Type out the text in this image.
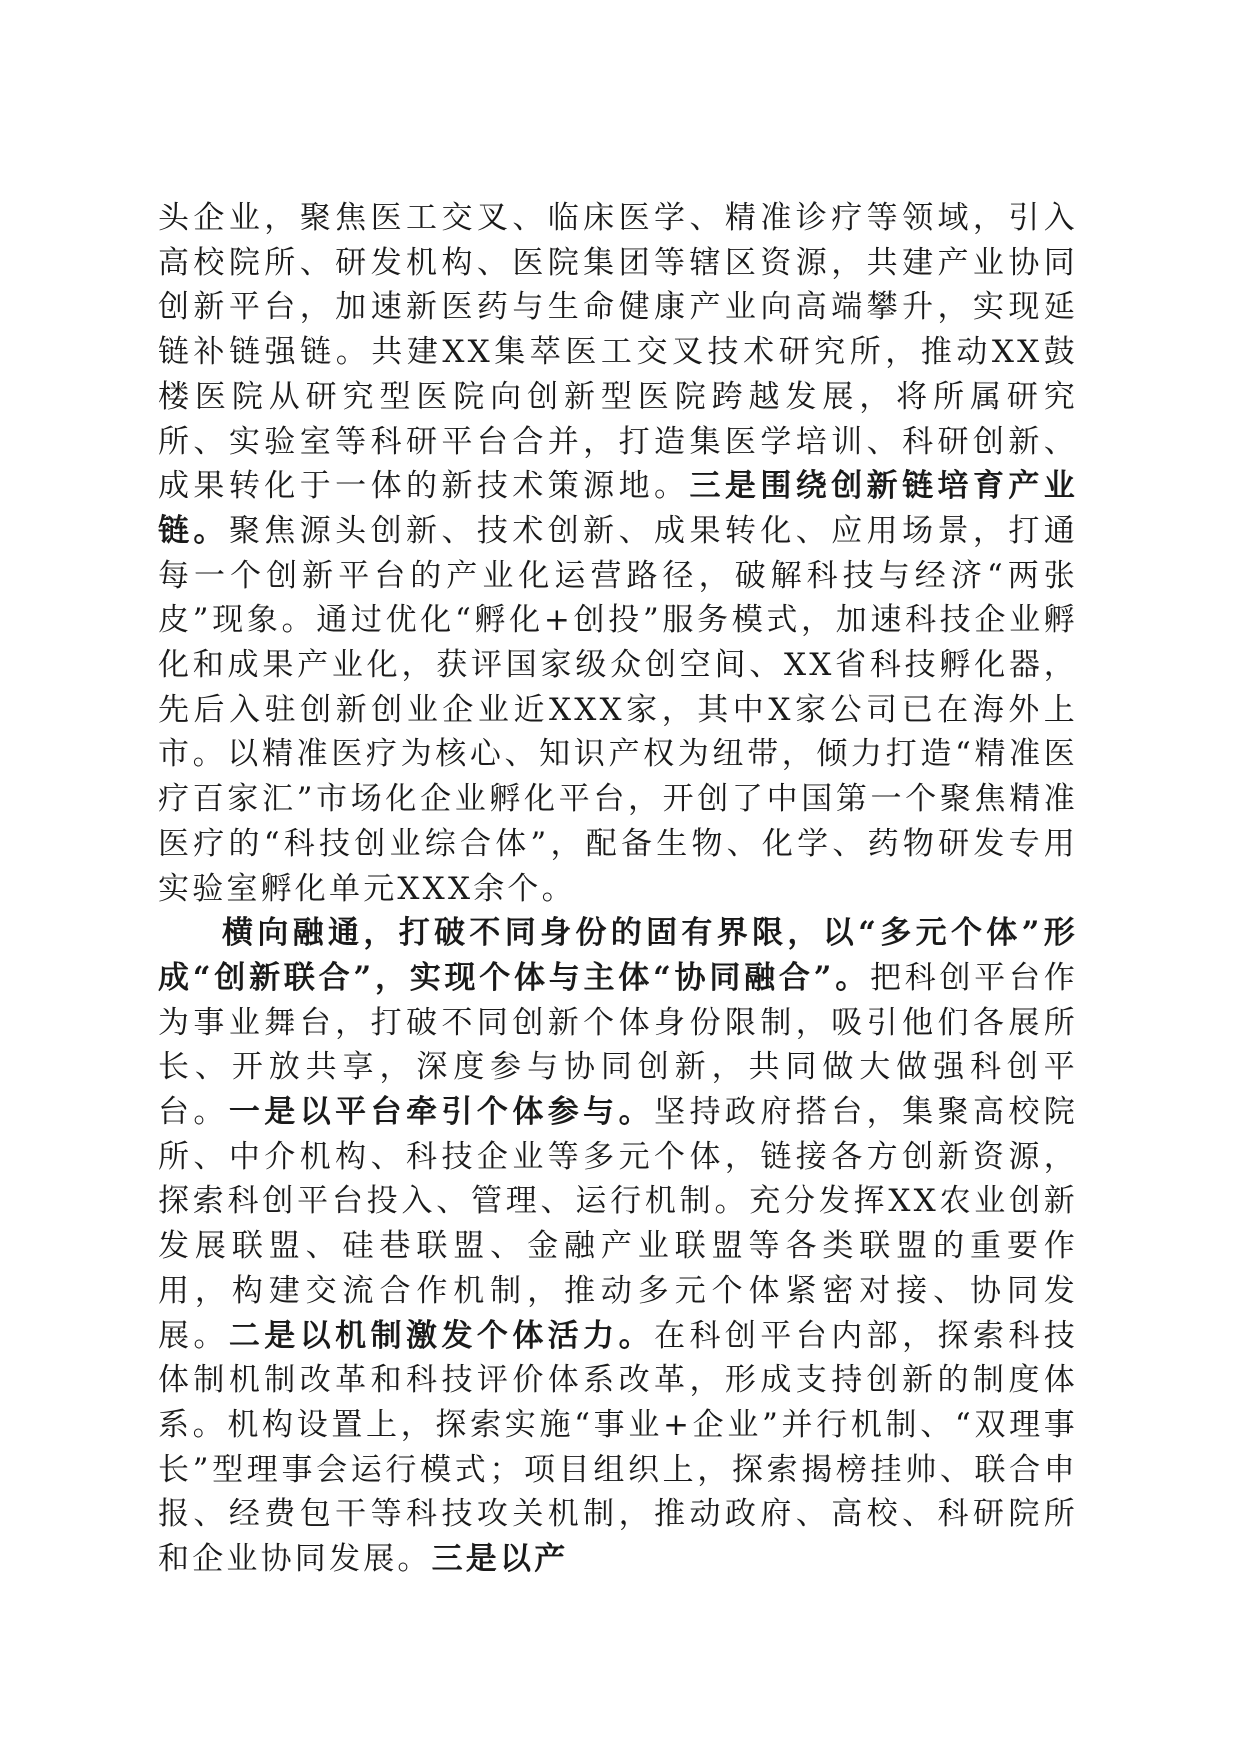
头企业，聚焦医工交叉、临床医学、精准诊疗等领域，引入高校院所、研发机构、医院集团等辖区资源，共建产业协同创新平台，加速新医药与生命健康产业向高端攀升，实现延链补链强链。共建XX集萃医工交叉技术研究所，推动XX鼓楼医院从研究型医院向创新型医院跨越发展，将所属研究所、实验室等科研平台合并，打造集医学培训、科研创新、成果转化于一体的新技术策源地。三是围绕创新链培育产业链。聚焦源头创新、技术创新、成果转化、应用场景，打通每一个创新平台的产业化运营路径，破解科技与经济“两张皮”现象。通过优化“孵化+创投”服务模式，加速科技企业孵化和成果产业化，获评国家级众创空间、XX省科技孵化器，先后入驻创新创业企业近XXX家，其中X家公司已在海外上市。以精准医疗为核心、知识产权为纽带，倾力打造“精准医疗百家汇”市场化企业孵化平台，开创了中国第一个聚焦精准医疗的“科技创业综合体”，配备生物、化学、药物研发专用实验室孵化单元XXX余个。

横向融通，打破不同身份的固有界限，以“多元个体”形成“创新联合”，实现个体与主体“协同融合”。把科创平台作为事业舞台，打破不同创新个体身份限制，吸引他们各展所长、开放共享，深度参与协同创新，共同做大做强科创平台。一是以平台牵引个体参与。坚持政府搭台，集聚高校院所、中介机构、科技企业等多元个体，链接各方创新资源，探索科创平台投入、管理、运行机制。充分发挥XX农业创新发展联盟、硅巷联盟、金融产业联盟等各类联盟的重要作用，构建交流合作机制，推动多元个体紧密对接、协同发展。二是以机制激发个体活力。在科创平台内部，探索科技体制机制改革和科技评价体系改革，形成支持创新的制度体系。机构设置上，探索实施“事业+企业”并行机制、“双理事长”型理事会运行模式；项目组织上，探索揭榜挂帅、联合申报、经费包干等科技攻关机制，推动政府、高校、科研院所和企业协同发展。三是以产
